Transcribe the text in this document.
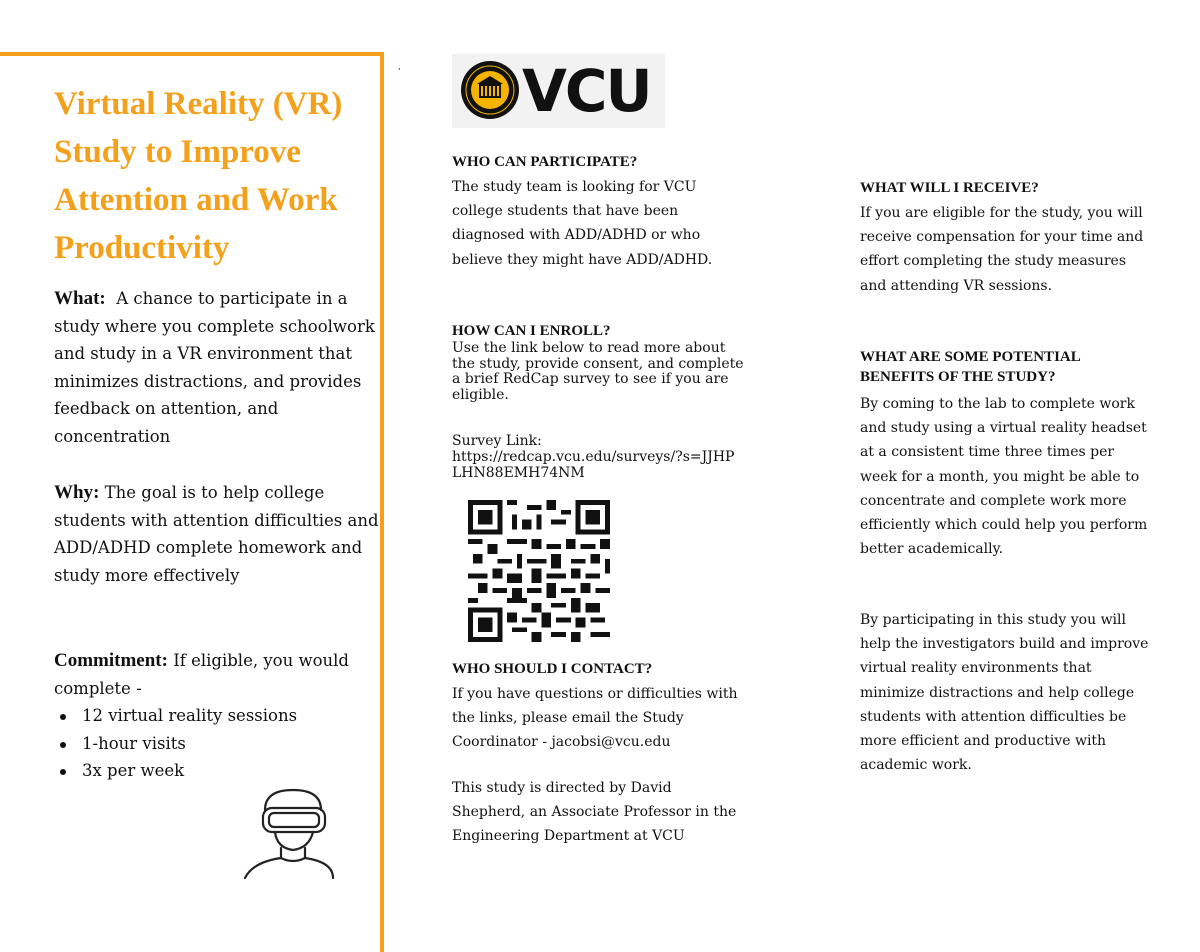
Virtual Reality (VR) Study to Improve Attention and Work Productivity
What: A chance to participate in a study where you complete schoolwork and study in a VR environment that minimizes distractions, and provides feedback on attention, and concentration
Why: The goal is to help college students with attention difficulties and ADD/ADHD complete homework and study more effectively
Commitment: If eligible, you would complete -
12 virtual reality sessions
1-hour visits
3x per week
, VCU
WHO CAN PARTICIPATE?

The study team is looking for VCU college students that have been diagnosed with ADD/ADHD or who believe they might have ADD/ADHD.

HOW CAN I ENROLL?

Use the link below to read more about the study, provide consent, and complete a brief RedCap survey to see if you are eligible.

Survey Link:

https://redcap.vcu.edu/surveys/?s=JJHPLHN88EMH74NM

WHO SHOULD I CONTACT?

If you have questions or difficulties with the links, please email the Study Coordinator - jacobsi@vcu.edu

This study is directed by David Shepherd, an Associate Professor in the Engineering Department at VCU

WHAT WILL I RECEIVE?

If you are eligible for the study, you will receive compensation for your time and effort completing the study measures and attending VR sessions.

WHAT ARE SOME POTENTIAL BENEFITS OF THE STUDY?

By coming to the lab to complete work and study using a virtual reality headset at a consistent time three times per week for a month, you might be able to concentrate and complete work more efficiently which could help you perform better academically.

By participating in this study you will help the investigators build and improve virtual reality environments that minimize distractions and help college students with attention difficulties be more efficient and productive with academic work.
